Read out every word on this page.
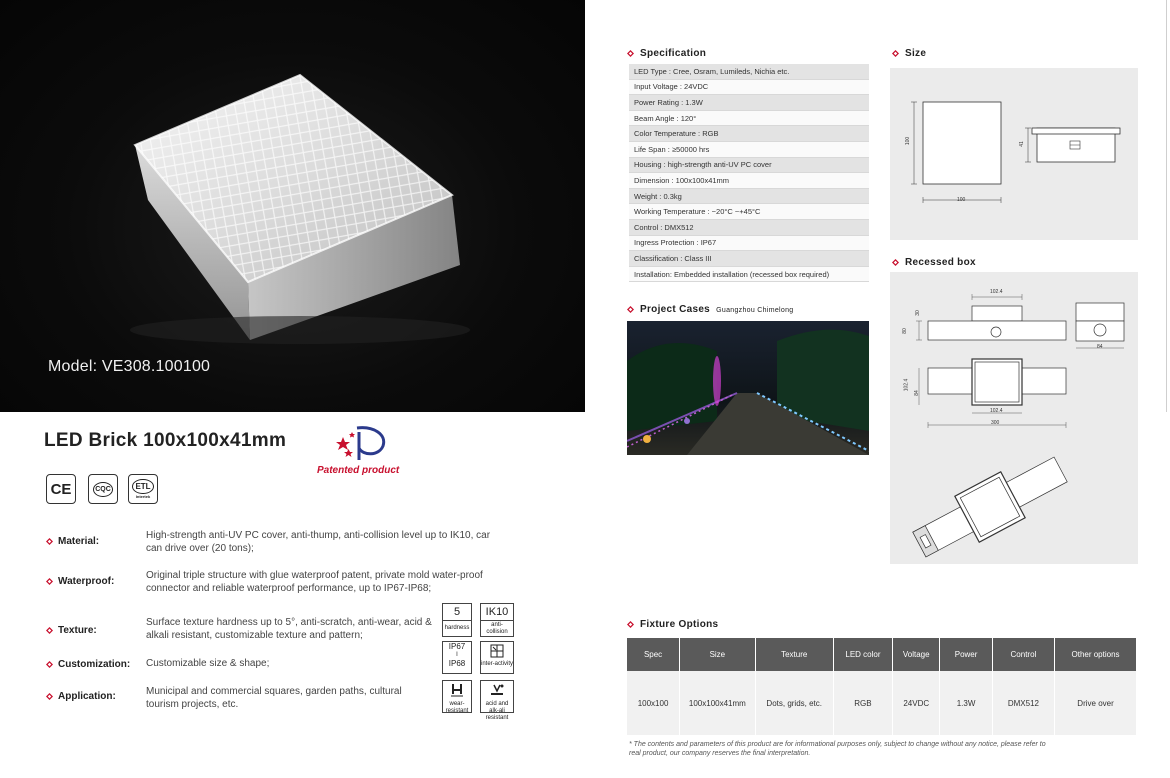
Model: VE308.100100
LED Brick 100x100x41mm
Patented product
CE	CQC	ETL
Intertek
Material:
High-strength anti-UV PC cover, anti-thump, anti-collision level up to IK10, car can drive over (20 tons);
Waterproof:
Original triple structure with glue waterproof patent, private mold water-proof connector and reliable waterproof performance, up to IP67-IP68;
Texture:
Surface texture hardness up to 5°, anti-scratch, anti-wear, acid & alkali resistant, customizable texture and pattern;
Customization: Customizable size & shape;
Application:	Municipal and commercial squares, garden paths, cultural tourism projects, etc.
5
hardness
IK10
anti-collision
IP67
I
IP68	inter-activity
wear-resistant
acid and alk-ali resistant
Specification
LED Type : Cree, Osram, Lumileds, Nichia etc.
Input Voltage : 24VDC
Power Rating : 1.3W
Beam Angle : 120°
Color Temperature : RGB
Life Span : ≥50000 hrs
Housing : high-strength anti-UV PC cover
Dimension : 100x100x41mm
Weight : 0.3kg
Working Temperature : −20°C ~+45°C
Control : DMX512
Ingress Protection : IP67
Classification : Class III
Installation: Embedded installation (recessed box required)
Size
100
100
41
Recessed box
102.4
80
30
84
102.4
84
102.4
300
Project Cases Guangzhou Chimelong
Fixture Options
Spec	Size	Texture	LED color	Voltage	Power	Control	Other options
100x100	100x100x41mm	Dots, grids, etc.	RGB	24VDC	1.3W	DMX512	Drive over
* The contents and parameters of this product are for informational purposes only, subject to change without any notice, please refer to real product, our company reserves the final interpretation.
